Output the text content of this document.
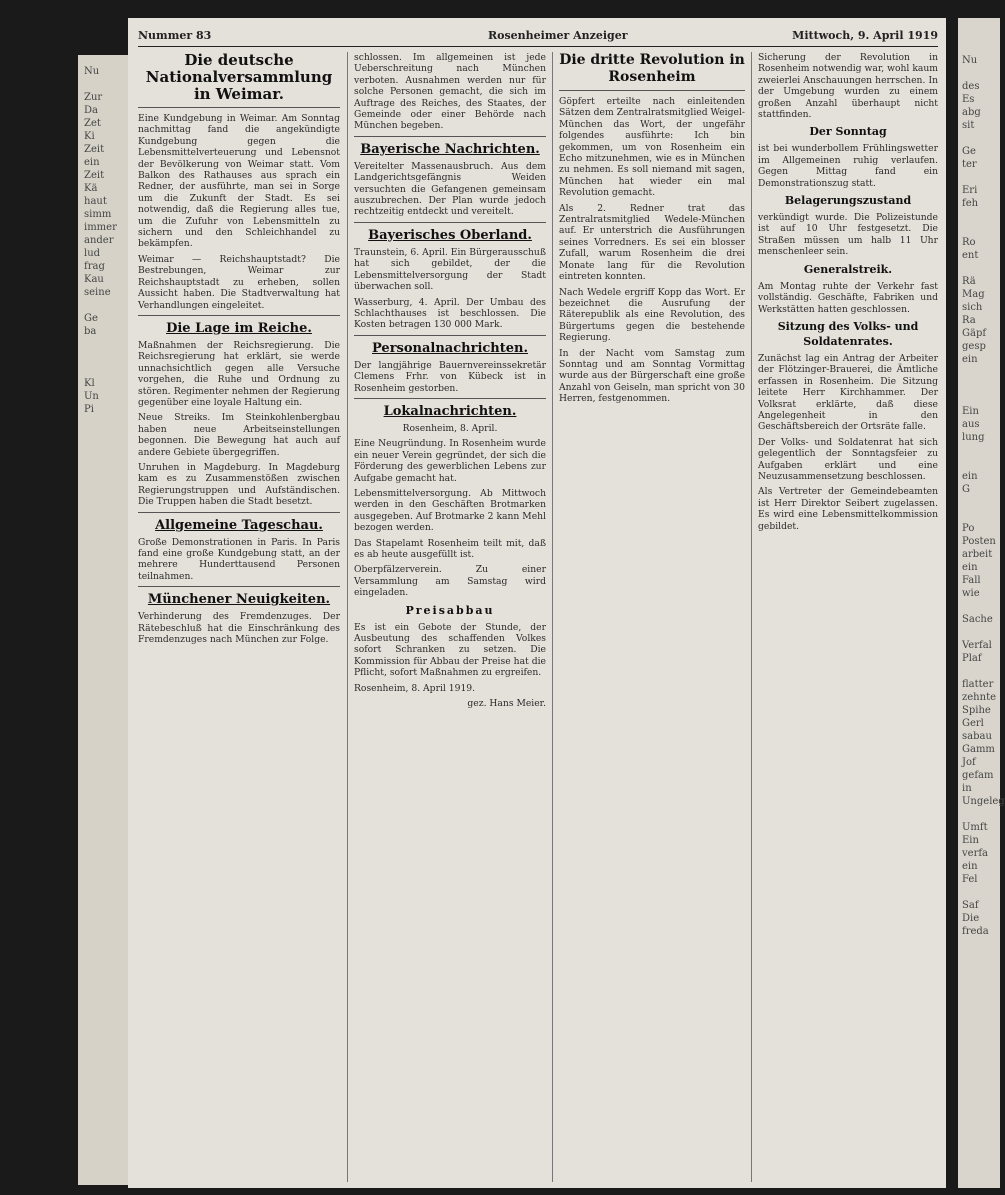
Nu

Zur
Da
Zet
Ki
Zeit
ein
Zeit
Kä
haut
simm
immer
ander
lud
frag
Kau
seine

Ge
ba

Kl
Un
Pi
Nummer 83	Rosenheimer Anzeiger	Mittwoch, 9. April 1919
Die deutsche Nationalversammlung in Weimar.

Eine Kundgebung in Weimar. Am Sonntag nachmittag fand die angekündigte Kundgebung gegen die Lebensmittelverteuerung und Lebensnot der Bevölkerung von Weimar statt. Vom Balkon des Rathauses aus sprach ein Redner, der ausführte, man sei in Sorge um die Zukunft der Stadt. Es sei notwendig, daß die Regierung alles tue, um die Zufuhr von Lebensmitteln zu sichern und den Schleichhandel zu bekämpfen.

Weimar — Reichshauptstadt? Die Bestrebungen, Weimar zur Reichshauptstadt zu erheben, sollen Aussicht haben. Die Stadtverwaltung hat Verhandlungen eingeleitet.

Die Lage im Reiche.

Maßnahmen der Reichsregierung. Die Reichsregierung hat erklärt, sie werde unnachsichtlich gegen alle Versuche vorgehen, die Ruhe und Ordnung zu stören. Regimenter nehmen der Regierung gegenüber eine loyale Haltung ein.

Neue Streiks. Im Steinkohlenbergbau haben neue Arbeitseinstellungen begonnen. Die Bewegung hat auch auf andere Gebiete übergegriffen.

Unruhen in Magdeburg. In Magdeburg kam es zu Zusammenstößen zwischen Regierungstruppen und Aufständischen. Die Truppen haben die Stadt besetzt.

Allgemeine Tageschau.

Große Demonstrationen in Paris. In Paris fand eine große Kundgebung statt, an der mehrere Hunderttausend Personen teilnahmen.

Münchener Neuigkeiten.

Verhinderung des Fremdenzuges. Der Rätebeschluß hat die Einschränkung des Fremdenzuges nach München zur Folge.

schlossen. Im allgemeinen ist jede Ueberschreitung nach München verboten. Ausnahmen werden nur für solche Personen gemacht, die sich im Auftrage des Reiches, des Staates, der Gemeinde oder einer Behörde nach München begeben.

Bayerische Nachrichten.

Vereitelter Massenausbruch. Aus dem Landgerichtsgefängnis Weiden versuchten die Gefangenen gemeinsam auszubrechen. Der Plan wurde jedoch rechtzeitig entdeckt und vereitelt.

Bayerisches Oberland.

Traunstein, 6. April. Ein Bürgerausschuß hat sich gebildet, der die Lebensmittelversorgung der Stadt überwachen soll.

Wasserburg, 4. April. Der Umbau des Schlachthauses ist beschlossen. Die Kosten betragen 130 000 Mark.

Personalnachrichten.

Der langjährige Bauernvereinssekretär Clemens Frhr. von Kübeck ist in Rosenheim gestorben.

Lokalnachrichten.

Rosenheim, 8. April.

Eine Neugründung. In Rosenheim wurde ein neuer Verein gegründet, der sich die Förderung des gewerblichen Lebens zur Aufgabe gemacht hat.

Lebensmittelversorgung. Ab Mittwoch werden in den Geschäften Brotmarken ausgegeben. Auf Brotmarke 2 kann Mehl bezogen werden.

Das Stapelamt Rosenheim teilt mit, daß es ab heute ausgefüllt ist.

Oberpfälzerverein. Zu einer Versammlung am Samstag wird eingeladen.

Preisabbau

Es ist ein Gebote der Stunde, der Ausbeutung des schaffenden Volkes sofort Schranken zu setzen. Die Kommission für Abbau der Preise hat die Pflicht, sofort Maßnahmen zu ergreifen.

Rosenheim, 8. April 1919.

gez. Hans Meier.

Die dritte Revolution in Rosenheim

Göpfert erteilte nach einleitenden Sätzen dem Zentralratsmitglied Weigel-München das Wort, der ungefähr folgendes ausführte: Ich bin gekommen, um von Rosenheim ein Echo mitzunehmen, wie es in München zu nehmen. Es soll niemand mit sagen, München hat wieder ein mal Revolution gemacht.

Als 2. Redner trat das Zentralratsmitglied Wedele-München auf. Er unterstrich die Ausführungen seines Vorredners. Es sei ein blosser Zufall, warum Rosenheim die drei Monate lang für die Revolution eintreten konnten.

Nach Wedele ergriff Kopp das Wort. Er bezeichnet die Ausrufung der Räterepublik als eine Revolution, des Bürgertums gegen die bestehende Regierung.

In der Nacht vom Samstag zum Sonntag und am Sonntag Vormittag wurde aus der Bürgerschaft eine große Anzahl von Geiseln, man spricht von 30 Herren, festgenommen.

Sicherung der Revolution in Rosenheim notwendig war, wohl kaum zweierlei Anschauungen herrschen. In der Umgebung wurden zu einem großen Anzahl überhaupt nicht stattfinden.

Der Sonntag

ist bei wunderbollem Frühlingswetter im Allgemeinen ruhig verlaufen. Gegen Mittag fand ein Demonstrationszug statt.

Belagerungszustand

verkündigt wurde. Die Polizeistunde ist auf 10 Uhr festgesetzt. Die Straßen müssen um halb 11 Uhr menschenleer sein.

Generalstreik.

Am Montag ruhte der Verkehr fast vollständig. Geschäfte, Fabriken und Werkstätten hatten geschlossen.

Sitzung des Volks- und Soldatenrates.

Zunächst lag ein Antrag der Arbeiter der Flötzinger-Brauerei, die Ämtliche erfassen in Rosenheim. Die Sitzung leitete Herr Kirchhammer. Der Volksrat erklärte, daß diese Angelegenheit in den Geschäftsbereich der Ortsräte falle.

Der Volks- und Soldatenrat hat sich gelegentlich der Sonntagsfeier zu Aufgaben erklärt und eine Neuzusammensetzung beschlossen.

Als Vertreter der Gemeindebeamten ist Herr Direktor Seibert zugelassen. Es wird eine Lebensmittelkommission gebildet.

Nu

des
Es
abg
sit

Ge
ter

Eri
feh

Ro
ent

Rä
Mag
sich
Ra
Gäpf
gesp
ein

Ein
aus
lung

ein
G

Po
Posten
arbeit
ein
Fall
wie

Sache

Verfal
Plaf

flatter
zehnte
Spihe
Gerl
sabau
Gamm
Jof
gefam
in
Ungeleg

Umft
Ein
verfa
ein
Fel

Saf
Die
freda
